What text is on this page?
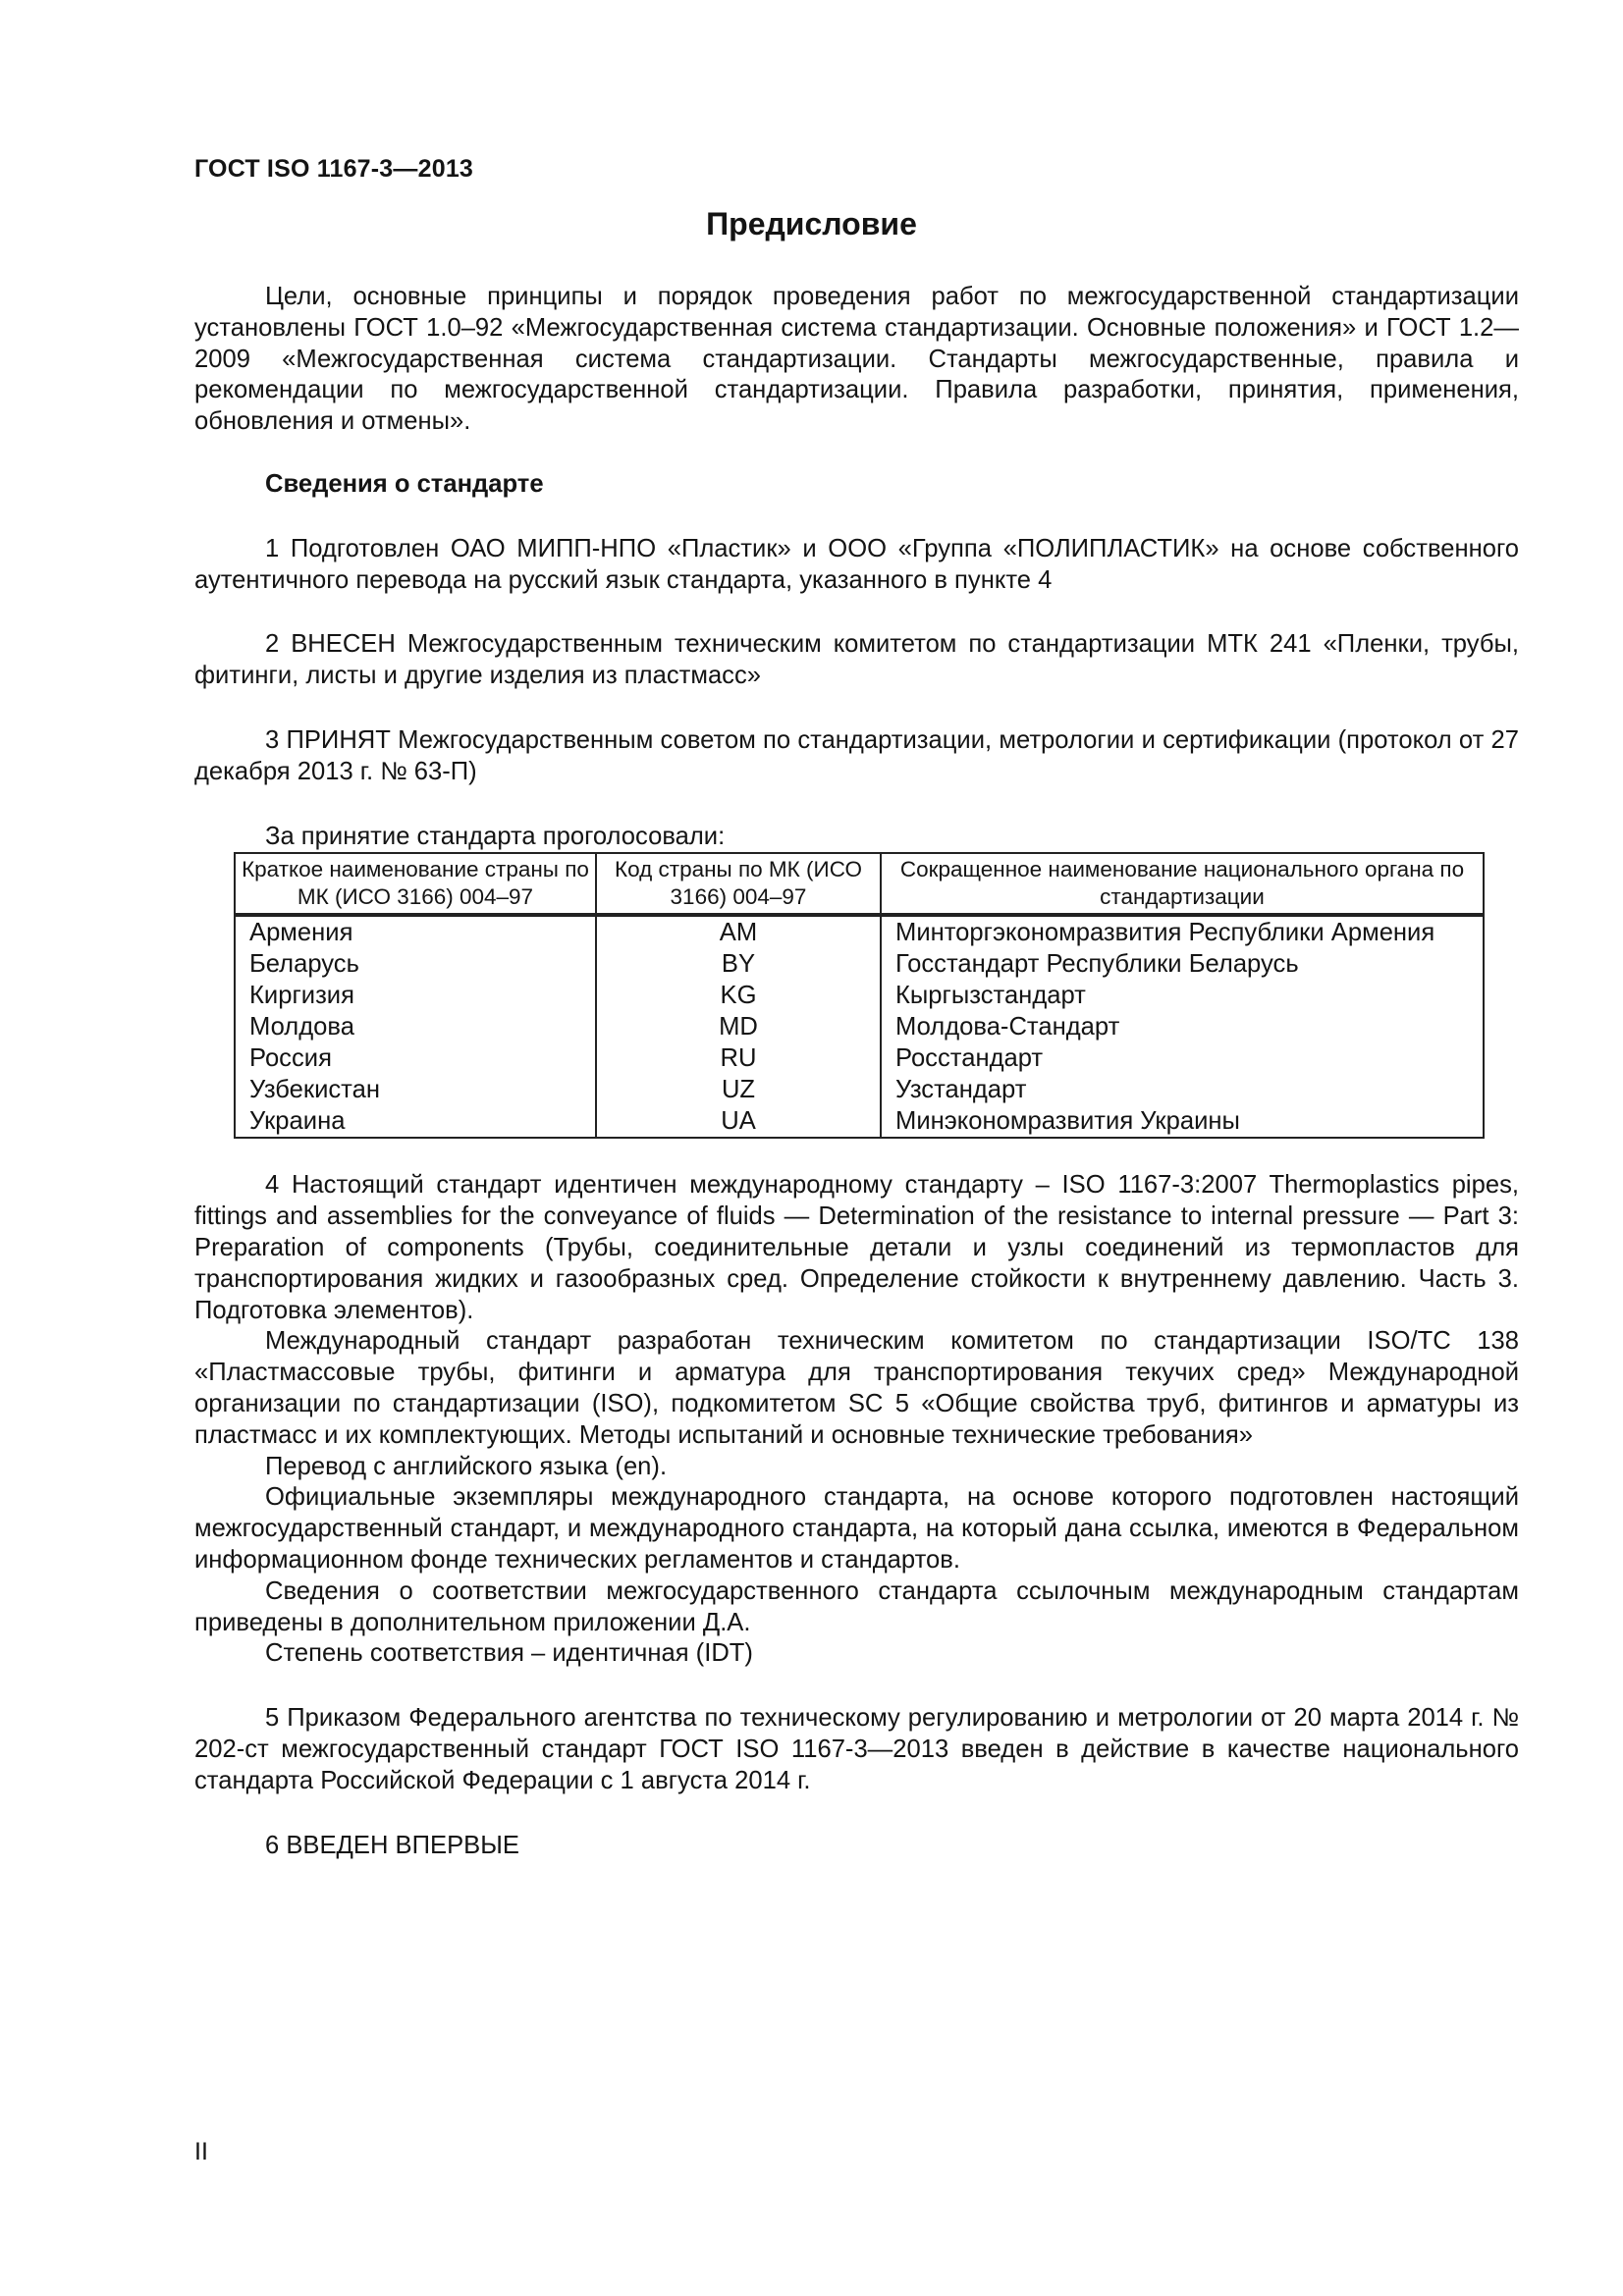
ГОСТ ISO 1167-3—2013
Предисловие

Цели, основные принципы и порядок проведения работ по межгосударственной стандартизации установлены ГОСТ 1.0–92 «Межгосударственная система стандартизации. Основные положения» и ГОСТ 1.2—2009 «Межгосударственная система стандартизации. Стандарты межгосударственные, правила и рекомендации по межгосударственной стандартизации. Правила разработки, принятия, применения, обновления и отмены».

Сведения о стандарте

1 Подготовлен ОАО МИПП-НПО «Пластик» и ООО «Группа «ПОЛИПЛАСТИК» на основе собственного аутентичного перевода на русский язык стандарта, указанного в пункте 4

2 ВНЕСЕН Межгосударственным техническим комитетом по стандартизации МТК 241 «Пленки, трубы, фитинги, листы и другие изделия из пластмасс»

3 ПРИНЯТ Межгосударственным советом по стандартизации, метрологии и сертификации (протокол от 27 декабря 2013 г. № 63-П)

За принятие стандарта проголосовали:
Краткое наименование страны по МК (ИСО 3166) 004–97	Код страны по МК (ИСО 3166) 004–97	Сокращенное наименование национального органа по стандартизации
Армения	AM	Минторгэкономразвития Республики Армения
Беларусь	BY	Госстандарт Республики Беларусь
Киргизия	KG	Кыргызстандарт
Молдова	MD	Молдова-Стандарт
Россия	RU	Росстандарт
Узбекистан	UZ	Узстандарт
Украина	UA	Минэкономразвития Украины

4 Настоящий стандарт идентичен международному стандарту – ISO 1167-3:2007 Thermoplastics pipes, fittings and assemblies for the conveyance of fluids — Determination of the resistance to internal pressure — Part 3: Preparation of components (Трубы, соединительные детали и узлы соединений из термопластов для транспортирования жидких и газообразных сред. Определение стойкости к внутреннему давлению. Часть 3. Подготовка элементов).

Международный стандарт разработан техническим комитетом по стандартизации ISO/TC 138 «Пластмассовые трубы, фитинги и арматура для транспортирования текучих сред» Международной организации по стандартизации (ISO), подкомитетом SC 5 «Общие свойства труб, фитингов и арматуры из пластмасс и их комплектующих. Методы испытаний и основные технические требования»

Перевод с английского языка (en).

Официальные экземпляры международного стандарта, на основе которого подготовлен настоящий межгосударственный стандарт, и международного стандарта, на который дана ссылка, имеются в Федеральном информационном фонде технических регламентов и стандартов.

Сведения о соответствии межгосударственного стандарта ссылочным международным стандартам приведены в дополнительном приложении Д.А.

Степень соответствия – идентичная (IDT)

5 Приказом Федерального агентства по техническому регулированию и метрологии от 20 марта 2014 г. № 202-ст межгосударственный стандарт ГОСТ ISO 1167-3—2013 введен в действие в качестве национального стандарта Российской Федерации с 1 августа 2014 г.

6 ВВЕДЕН ВПЕРВЫЕ

II
